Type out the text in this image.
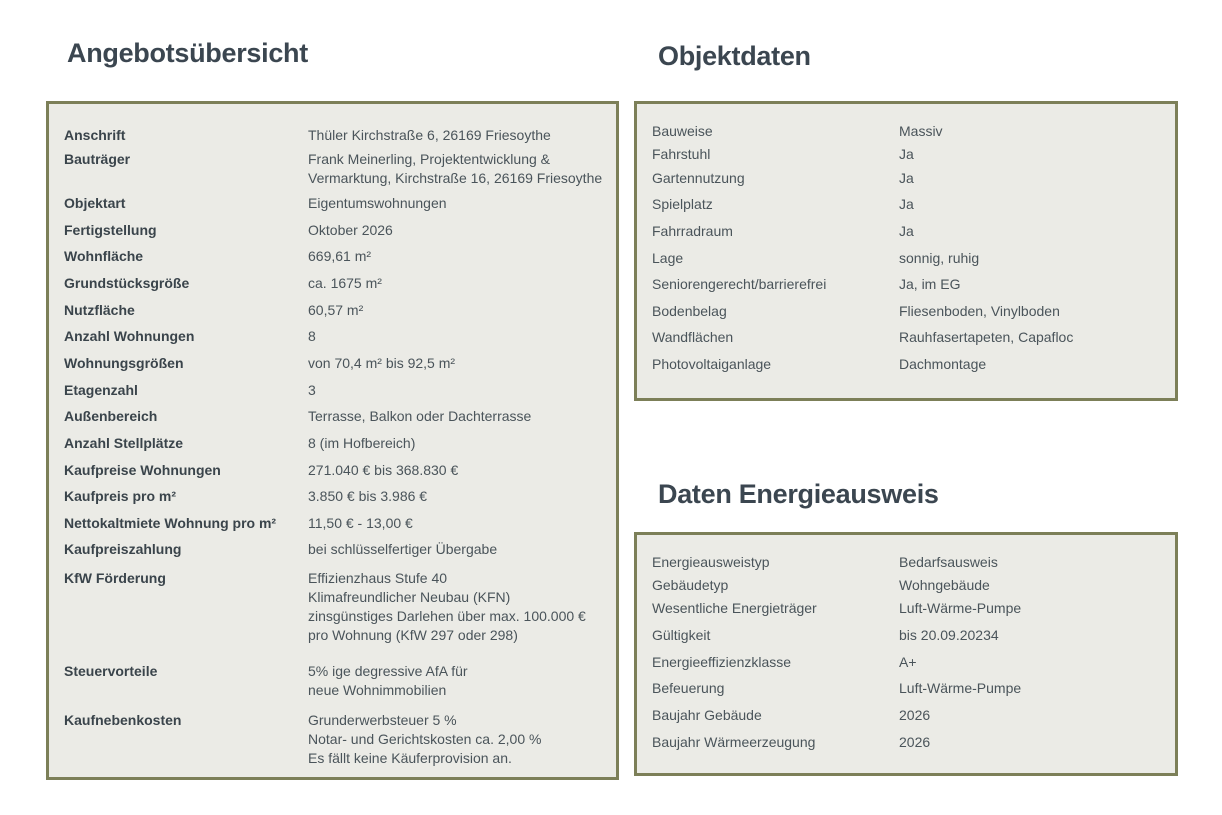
Angebotsübersicht	Objektdaten
Daten Energieausweis
Anschrift	Thüler Kirchstraße 6, 26169 Friesoythe
Bauträger	Frank Meinerling, Projektentwicklung &
Vermarktung, Kirchstraße 16, 26169 Friesoythe
Objektart	Eigentumswohnungen
Fertigstellung	Oktober 2026
Wohnfläche	669,61 m²
Grundstücksgröße	ca. 1675 m²
Nutzfläche	60,57 m²
Anzahl Wohnungen	8
Wohnungsgrößen	von 70,4 m² bis 92,5 m²
Etagenzahl	3
Außenbereich	Terrasse, Balkon oder Dachterrasse
Anzahl Stellplätze	8 (im Hofbereich)
Kaufpreise Wohnungen	271.040 € bis 368.830 €
Kaufpreis pro m²	3.850 € bis 3.986 €
Nettokaltmiete Wohnung pro m² 11,50 € - 13,00 €
Kaufpreiszahlung	bei schlüsselfertiger Übergabe
KfW Förderung	Effizienzhaus Stufe 40
Klimafreundlicher Neubau (KFN)
zinsgünstiges Darlehen über max. 100.000 €
pro Wohnung (KfW 297 oder 298)
Steuervorteile	5% ige degressive AfA für
neue Wohnimmobilien
Kaufnebenkosten	Grunderwerbsteuer 5 %
Notar- und Gerichtskosten ca. 2,00 %
Es fällt keine Käuferprovision an.
Bauweise	Massiv
Fahrstuhl	Ja
Gartennutzung	Ja
Spielplatz	Ja
Fahrradraum	Ja
Lage	sonnig, ruhig
Seniorengerecht/barrierefrei	Ja, im EG
Bodenbelag	Fliesenboden, Vinylboden
Wandflächen	Rauhfasertapeten, Capafloc
Photovoltaiganlage	Dachmontage
Energieausweistyp	Bedarfsausweis
Gebäudetyp	Wohngebäude
Wesentliche Energieträger	Luft-Wärme-Pumpe
Gültigkeit	bis 20.09.20234
Energieeffizienzklasse	A+
Befeuerung	Luft-Wärme-Pumpe
Baujahr Gebäude	2026
Baujahr Wärmeerzeugung	2026
